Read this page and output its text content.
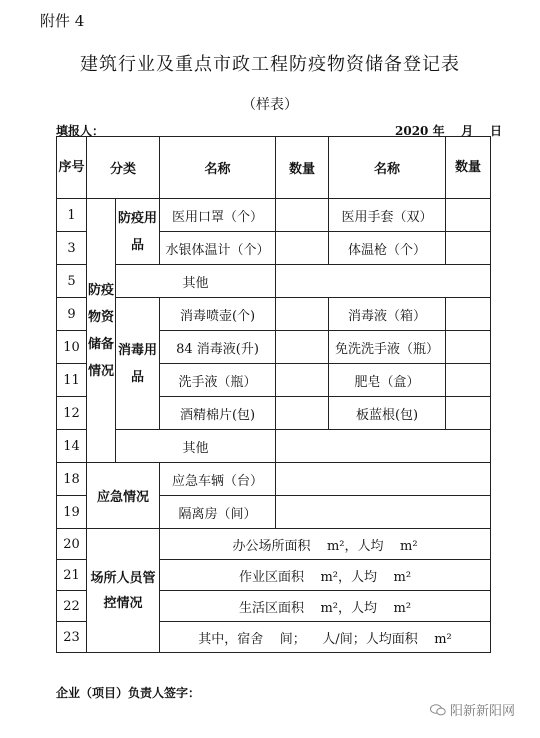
附件 4
建筑行业及重点市政工程防疫物资储备登记表
（样表）
填报人：	2020 年    月    日
序号	分类		名称	数量	名称	数量
1	防疫物资储备情况	防疫用品	医用口罩（个）		医用手套（双）	
3			水银体温计（个）		体温枪（个）	
5		其他				
9		消毒用品	消毒喷壶(个)		消毒液（箱）	
10			84 消毒液(升)		免洗洗手液（瓶）	
11			洗手液（瓶）		肥皂（盒）	
12			酒精棉片(包)		板蓝根(包)	
14		其他				
18	应急情况		应急车辆（台）			
19			隔离房（间）			
20	场所人员管控情况		办公场所面积    m²，人均    m²			
21			作业区面积    m²，人均    m²			
22			生活区面积    m²，人均    m²			
23			其中，宿舍    间；    人/间；人均面积    m²			
企业（项目）负责人签字：
阳新新阳网
